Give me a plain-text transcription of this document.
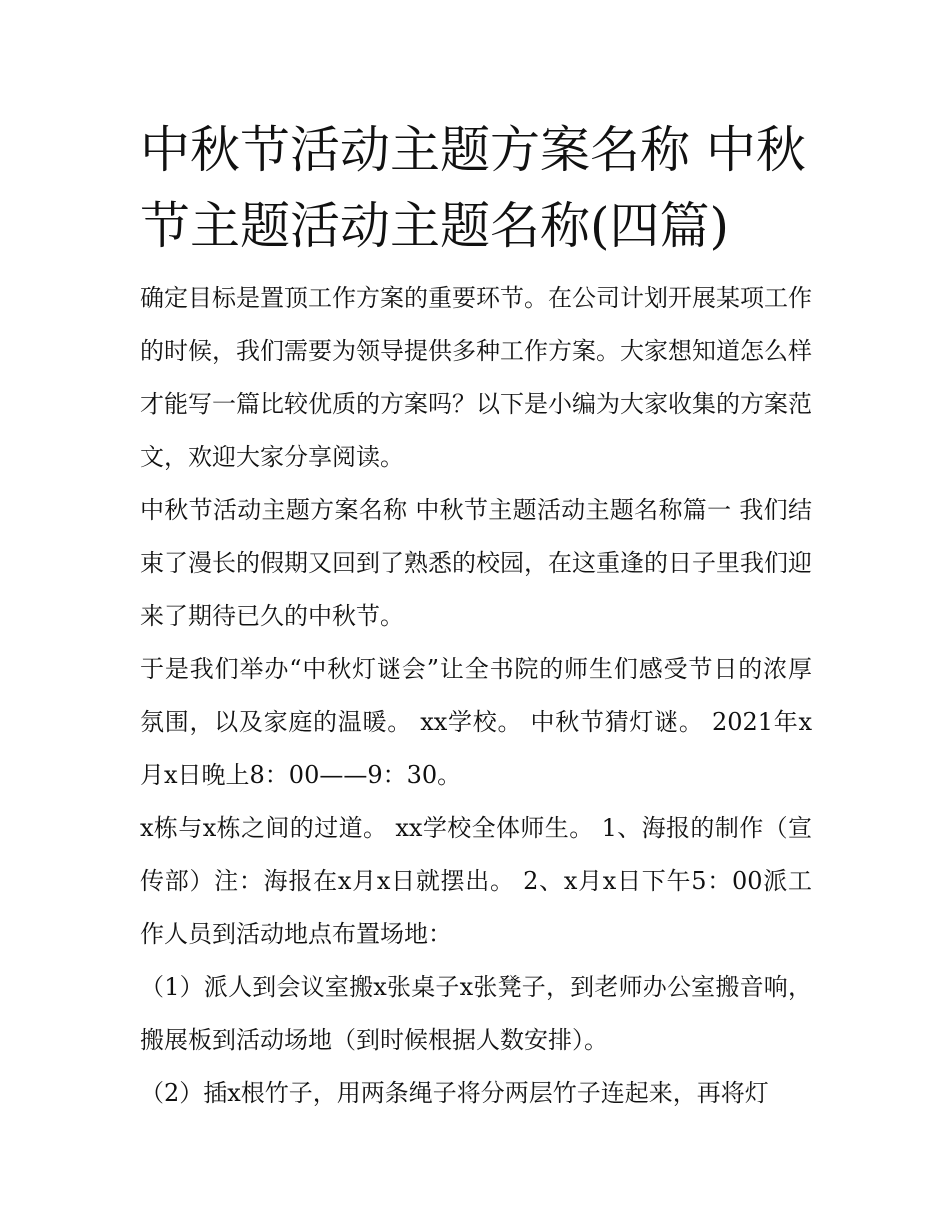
中秋节活动主题方案名称 中秋节主题活动主题名称(四篇)

确定目标是置顶工作方案的重要环节。在公司计划开展某项工作的时候，我们需要为领导提供多种工作方案。大家想知道怎么样才能写一篇比较优质的方案吗？以下是小编为大家收集的方案范文，欢迎大家分享阅读。

中秋节活动主题方案名称 中秋节主题活动主题名称篇一 我们结束了漫长的假期又回到了熟悉的校园，在这重逢的日子里我们迎来了期待已久的中秋节。

于是我们举办“中秋灯谜会”让全书院的师生们感受节日的浓厚氛围，以及家庭的温暖。 xx学校。 中秋节猜灯谜。 2021年x月x日晚上8：00——9：30。

x栋与x栋之间的过道。 xx学校全体师生。 1、海报的制作（宣传部）注：海报在x月x日就摆出。 2、x月x日下午5：00派工作人员到活动地点布置场地：

（1）派人到会议室搬x张桌子x张凳子，到老师办公室搬音响，搬展板到活动场地（到时候根据人数安排）。

（2）插x根竹子，用两条绳子将分两层竹子连起来，再将灯
